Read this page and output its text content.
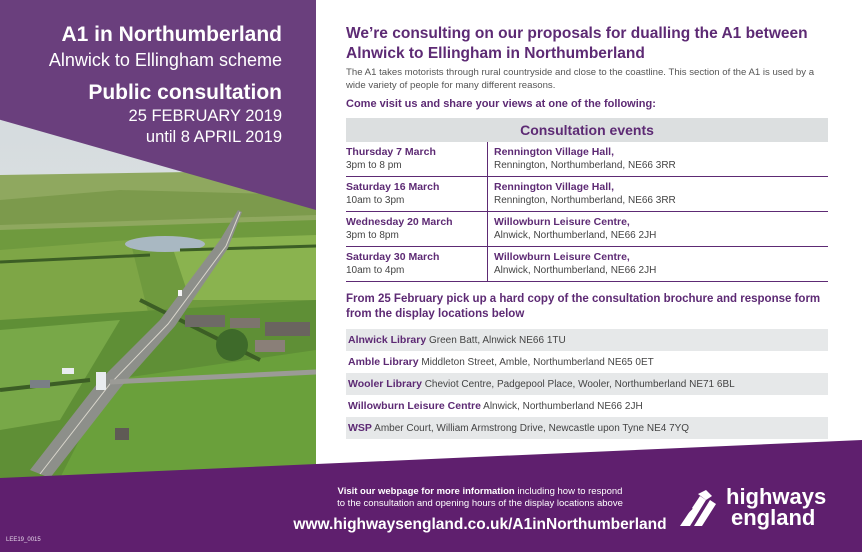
A1 in Northumberland
Alnwick to Ellingham scheme
Public consultation
25 FEBRUARY 2019
until 8 APRIL 2019
We’re consulting on our proposals for dualling the A1 between Alnwick to Ellingham in Northumberland
The A1 takes motorists through rural countryside and close to the coastline. This section of the A1 is used by a wide variety of people for many different reasons.
Come visit us and share your views at one of the following:
Consultation events
Thursday 7 March
3pm to 8 pm
Rennington Village Hall,
Rennington, Northumberland, NE66 3RR
Saturday 16 March
10am to 3pm
Rennington Village Hall,
Rennington, Northumberland, NE66 3RR
Wednesday 20 March
3pm to 8pm
Willowburn Leisure Centre,
Alnwick, Northumberland, NE66 2JH
Saturday 30 March
10am to 4pm
Willowburn Leisure Centre,
Alnwick, Northumberland, NE66 2JH
From 25 February pick up a hard copy of the consultation brochure and response form from the display locations below
Alnwick Library Green Batt, Alnwick NE66 1TU
Amble Library Middleton Street, Amble, Northumberland NE65 0ET
Wooler Library Cheviot Centre, Padgepool Place, Wooler, Northumberland NE71 6BL
Willowburn Leisure Centre Alnwick, Northumberland NE66 2JH
WSP Amber Court, William Armstrong Drive, Newcastle upon Tyne NE4 7YQ
Visit our webpage for more information including how to respond
to the consultation and opening hours of the display locations above
www.highwaysengland.co.uk/A1inNorthumberland
highways
england
LEE19_0015
